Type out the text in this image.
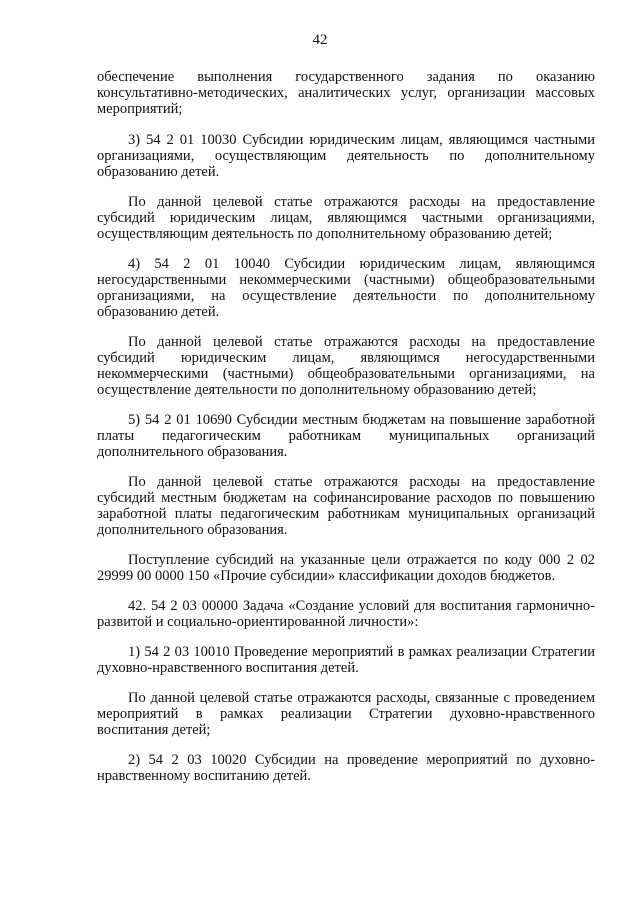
42

обеспечение выполнения государственного задания по оказанию консультативно-методических, аналитических услуг, организации массовых мероприятий;

3) 54 2 01 10030 Субсидии юридическим лицам, являющимся частными организациями, осуществляющим деятельность по дополнительному образованию детей.

По данной целевой статье отражаются расходы на предоставление субсидий юридическим лицам, являющимся частными организациями, осуществляющим деятельность по дополнительному образованию детей;

4) 54 2 01 10040 Субсидии юридическим лицам, являющимся негосударственными некоммерческими (частными) общеобразовательными организациями, на осуществление деятельности по дополнительному образованию детей.

По данной целевой статье отражаются расходы на предоставление субсидий юридическим лицам, являющимся негосударственными некоммерческими (частными) общеобразовательными организациями, на осуществление деятельности по дополнительному образованию детей;

5) 54 2 01 10690 Субсидии местным бюджетам на повышение заработной платы педагогическим работникам муниципальных организаций дополнительного образования.

По данной целевой статье отражаются расходы на предоставление субсидий местным бюджетам на софинансирование расходов по повышению заработной платы педагогическим работникам муниципальных организаций дополнительного образования.

Поступление субсидий на указанные цели отражается по коду 000 2 02 29999 00 0000 150 «Прочие субсидии» классификации доходов бюджетов.

42. 54 2 03 00000 Задача «Создание условий для воспитания гармонично-развитой и социально-ориентированной личности»:

1) 54 2 03 10010 Проведение мероприятий в рамках реализации Стратегии духовно-нравственного воспитания детей.

По данной целевой статье отражаются расходы, связанные с проведением мероприятий в рамках реализации Стратегии духовно-нравственного воспитания детей;

2) 54 2 03 10020 Субсидии на проведение мероприятий по духовно-нравственному воспитанию детей.
